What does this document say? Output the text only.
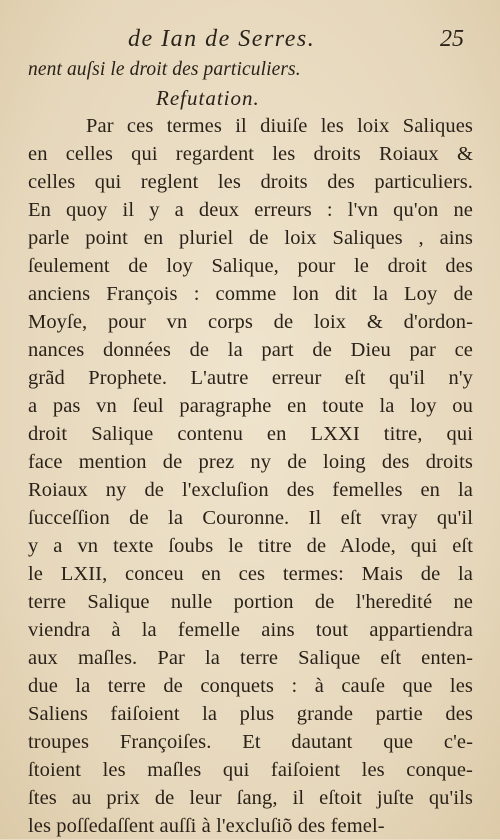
de Ian de Serres.	25
nent auſsi le droit des particuliers.
Refutation.
Par ces termes il diuiſe les loix Saliques
en celles qui regardent les droits Roiaux &
celles qui reglent les droits des particuliers.
En quoy il y a deux erreurs : l'vn qu'on ne
parle point en pluriel de loix Saliques , ains
ſeulement de loy Salique, pour le droit des
anciens François : comme lon dit la Loy de
Moyſe, pour vn corps de loix & d'ordon-
nances données de la part de Dieu par ce
grãd Prophete. L'autre erreur eſt qu'il n'y
a pas vn ſeul paragraphe en toute la loy ou
droit Salique contenu en LXXI titre, qui
face mention de prez ny de loing des droits
Roiaux ny de l'excluſion des femelles en la
ſucceſſion de la Couronne. Il eſt vray qu'il
y a vn texte ſoubs le titre de Alode, qui eſt
le LXII, conceu en ces termes: Mais de la
terre Salique nulle portion de l'heredité ne
viendra à la femelle ains tout appartiendra
aux maſles. Par la terre Salique eſt enten-
due la terre de conquets : à cauſe que les
Saliens faiſoient la plus grande partie des
troupes Françoiſes. Et dautant que c'e-
ſtoient les maſles qui faiſoient les conque-
ſtes au prix de leur ſang, il eſtoit juſte qu'ils
les poſſedaſſent auſſi à l'excluſiõ des femel-
